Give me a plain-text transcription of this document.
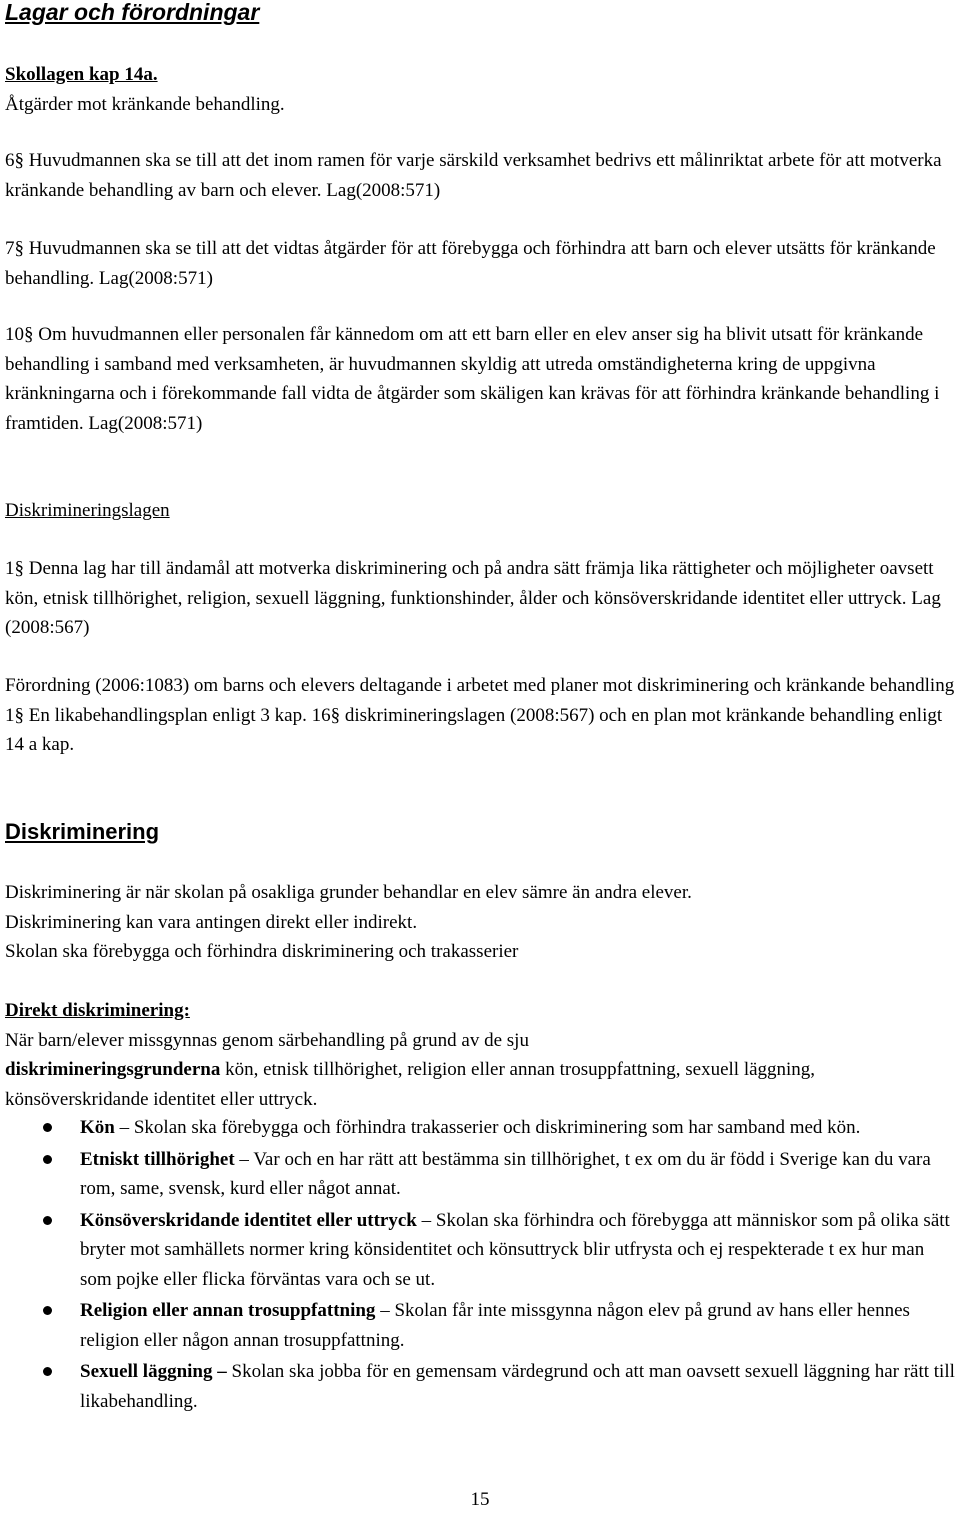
Lagar och förordningar

Skollagen kap 14a.

Åtgärder mot kränkande behandling.

6§ Huvudmannen ska se till att det inom ramen för varje särskild verksamhet bedrivs ett målinriktat arbete för att motverka kränkande behandling av barn och elever. Lag(2008:571)

7§ Huvudmannen ska se till att det vidtas åtgärder för att förebygga och förhindra att barn och elever utsätts för kränkande behandling. Lag(2008:571)

10§ Om huvudmannen eller personalen får kännedom om att ett barn eller en elev anser sig ha blivit utsatt för kränkande behandling i samband med verksamheten, är huvudmannen skyldig att utreda omständigheterna kring de uppgivna kränkningarna och i förekommande fall vidta de åtgärder som skäligen kan krävas för att förhindra kränkande behandling i framtiden. Lag(2008:571)

Diskrimineringslagen

1§ Denna lag har till ändamål att motverka diskriminering och på andra sätt främja lika rättigheter och möjligheter oavsett kön, etnisk tillhörighet, religion, sexuell läggning, funktionshinder, ålder och könsöverskridande identitet eller uttryck. Lag (2008:567)

Förordning (2006:1083) om barns och elevers deltagande i arbetet med planer mot diskriminering och kränkande behandling

1§ En likabehandlingsplan enligt 3 kap. 16§ diskrimineringslagen (2008:567) och en plan mot kränkande behandling enligt 14 a kap.

Diskriminering

Diskriminering är när skolan på osakliga grunder behandlar en elev sämre än andra elever.

Diskriminering kan vara antingen direkt eller indirekt.

Skolan ska förebygga och förhindra diskriminering och trakasserier

Direkt diskriminering:

När barn/elever missgynnas genom särbehandling på grund av de sju
diskrimineringsgrunderna kön, etnisk tillhörighet, religion eller annan trosuppfattning, sexuell läggning, könsöverskridande identitet eller uttryck.

Kön – Skolan ska förebygga och förhindra trakasserier och diskriminering som har samband med kön.
Etniskt tillhörighet – Var och en har rätt att bestämma sin tillhörighet, t ex om du är född i Sverige kan du vara rom, same, svensk, kurd eller något annat.
Könsöverskridande identitet eller uttryck – Skolan ska förhindra och förebygga att människor som på olika sätt bryter mot samhällets normer kring könsidentitet och könsuttryck blir utfrysta och ej respekterade t ex hur man som pojke eller flicka förväntas vara och se ut.
Religion eller annan trosuppfattning – Skolan får inte missgynna någon elev på grund av hans eller hennes religion eller någon annan trosuppfattning.
Sexuell läggning – Skolan ska jobba för en gemensam värdegrund och att man oavsett sexuell läggning har rätt till likabehandling.
15
